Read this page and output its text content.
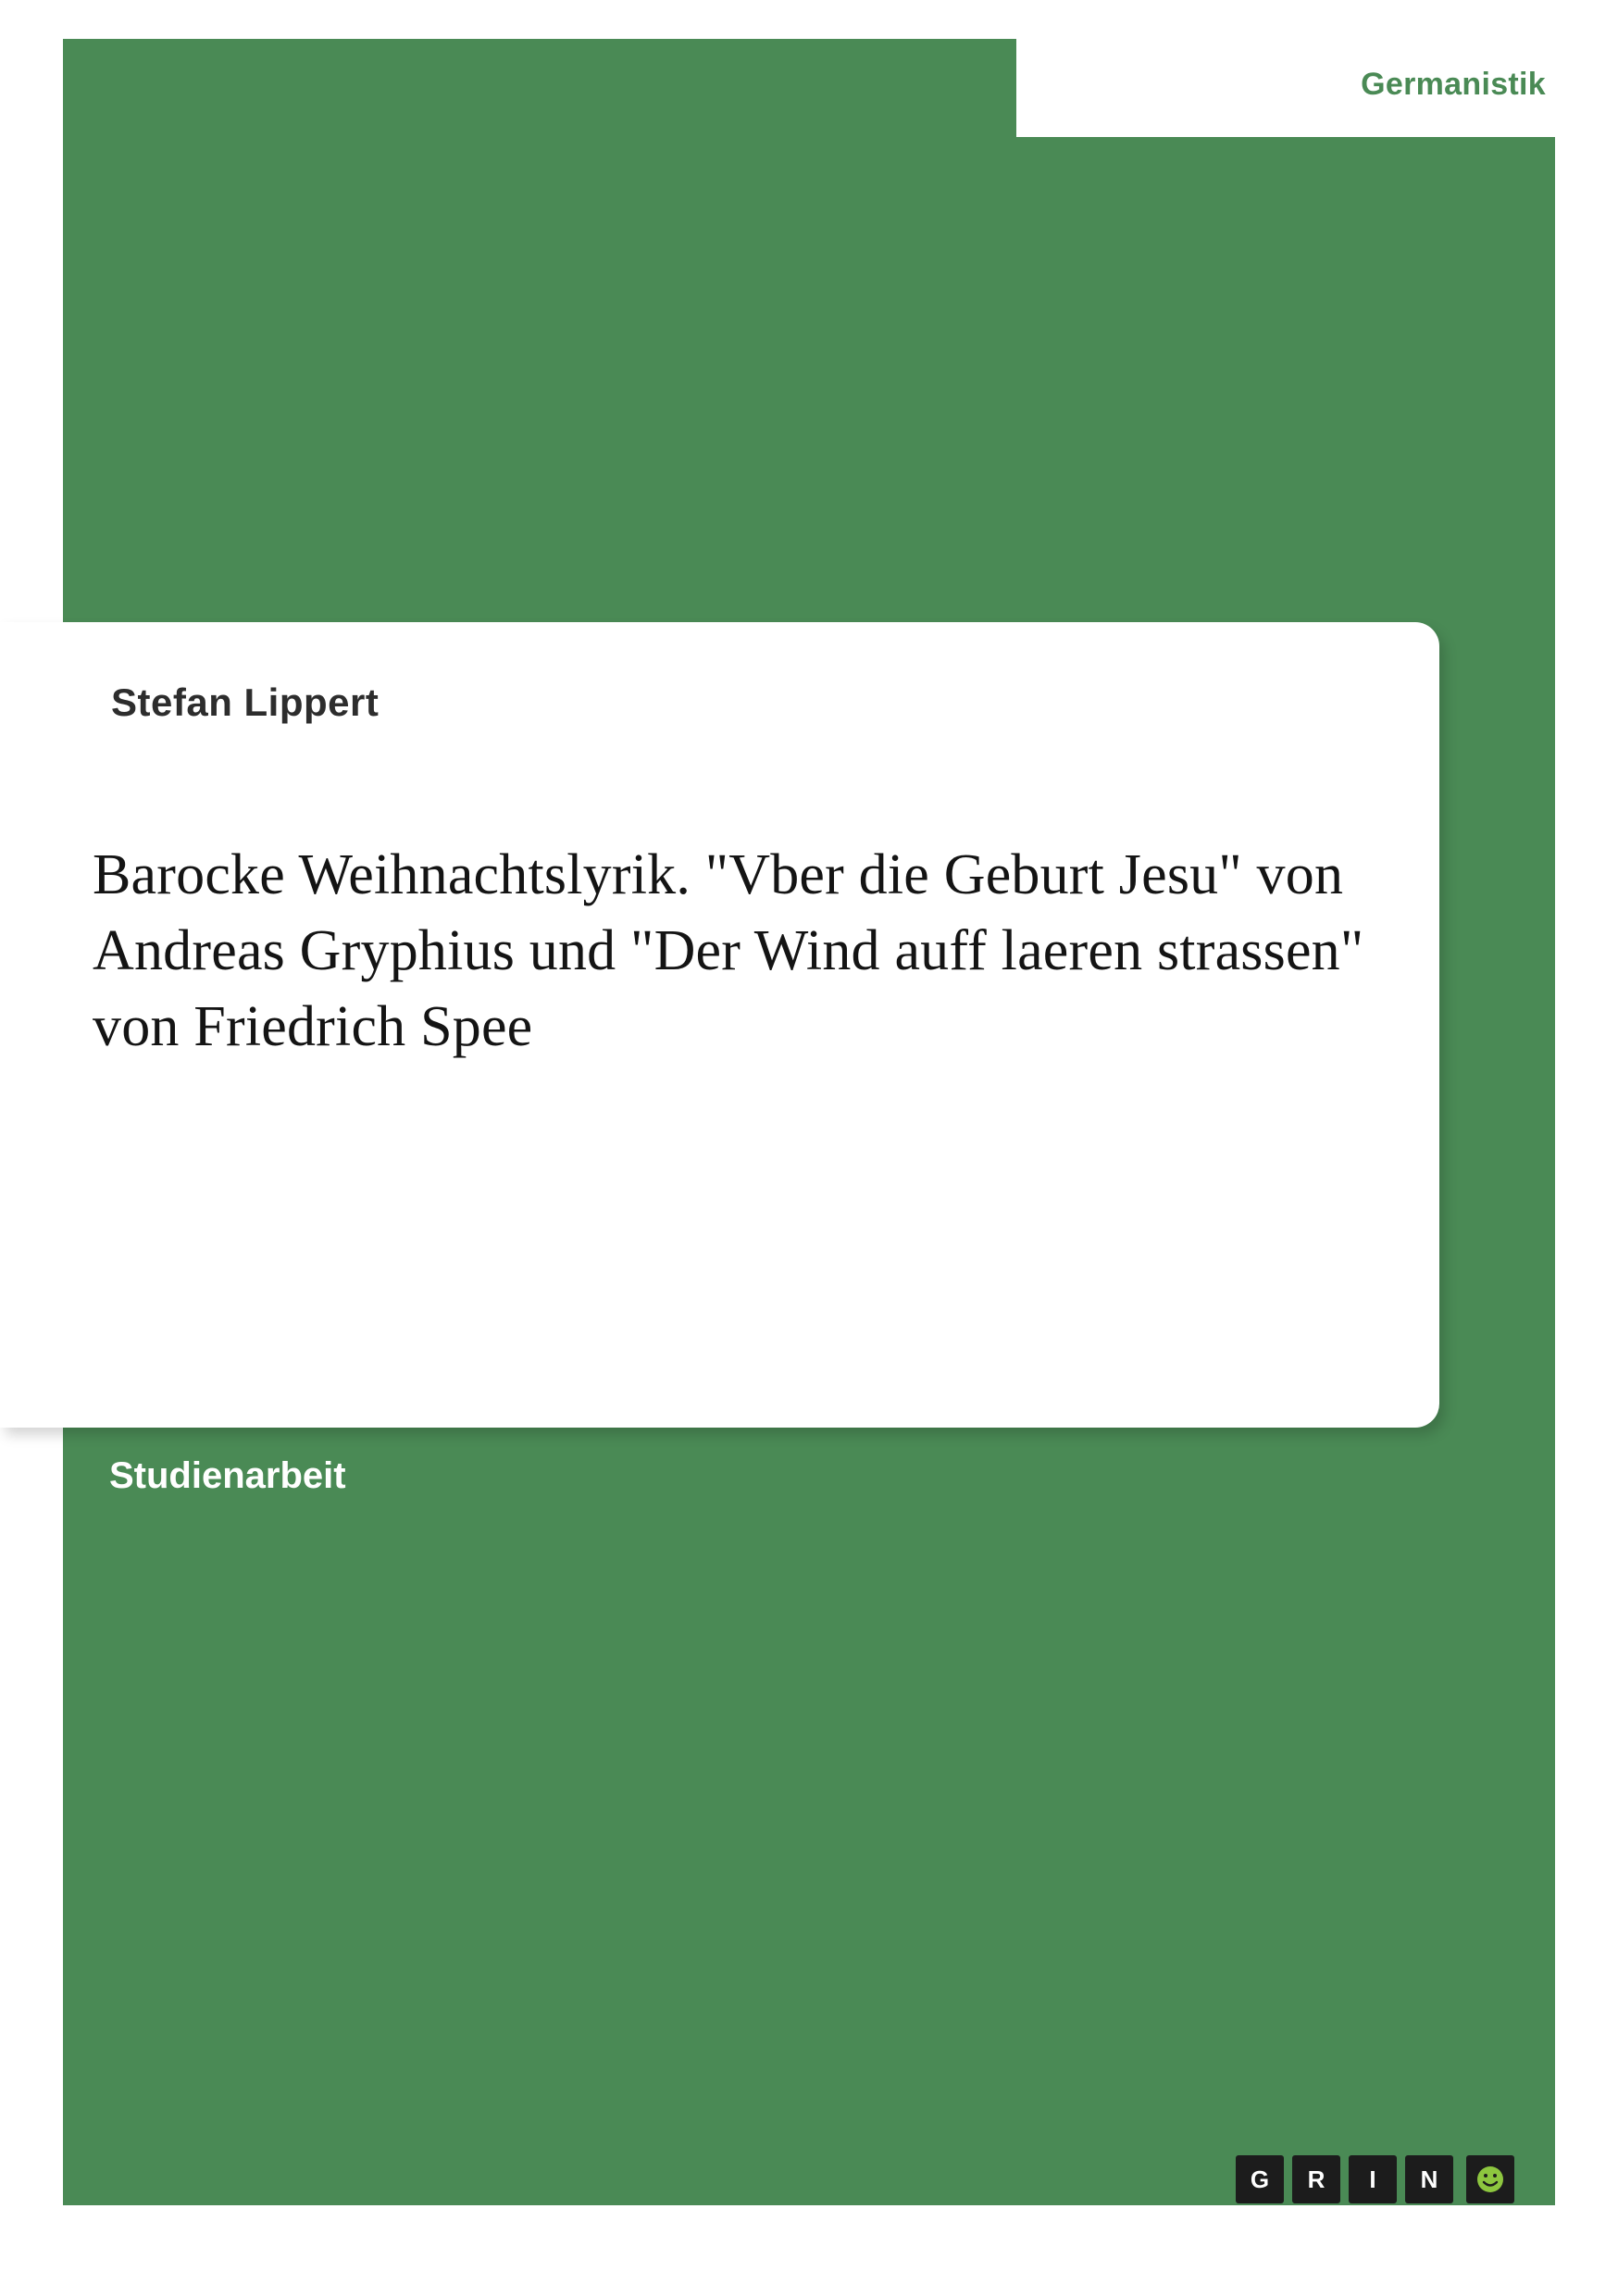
Germanistik
Stefan Lippert
Barocke Weihnachtslyrik. "Vber die Geburt Jesu" von Andreas Gryphius und "Der Wind auff laeren strassen" von Friedrich Spee
Studienarbeit
G	R	I	N
